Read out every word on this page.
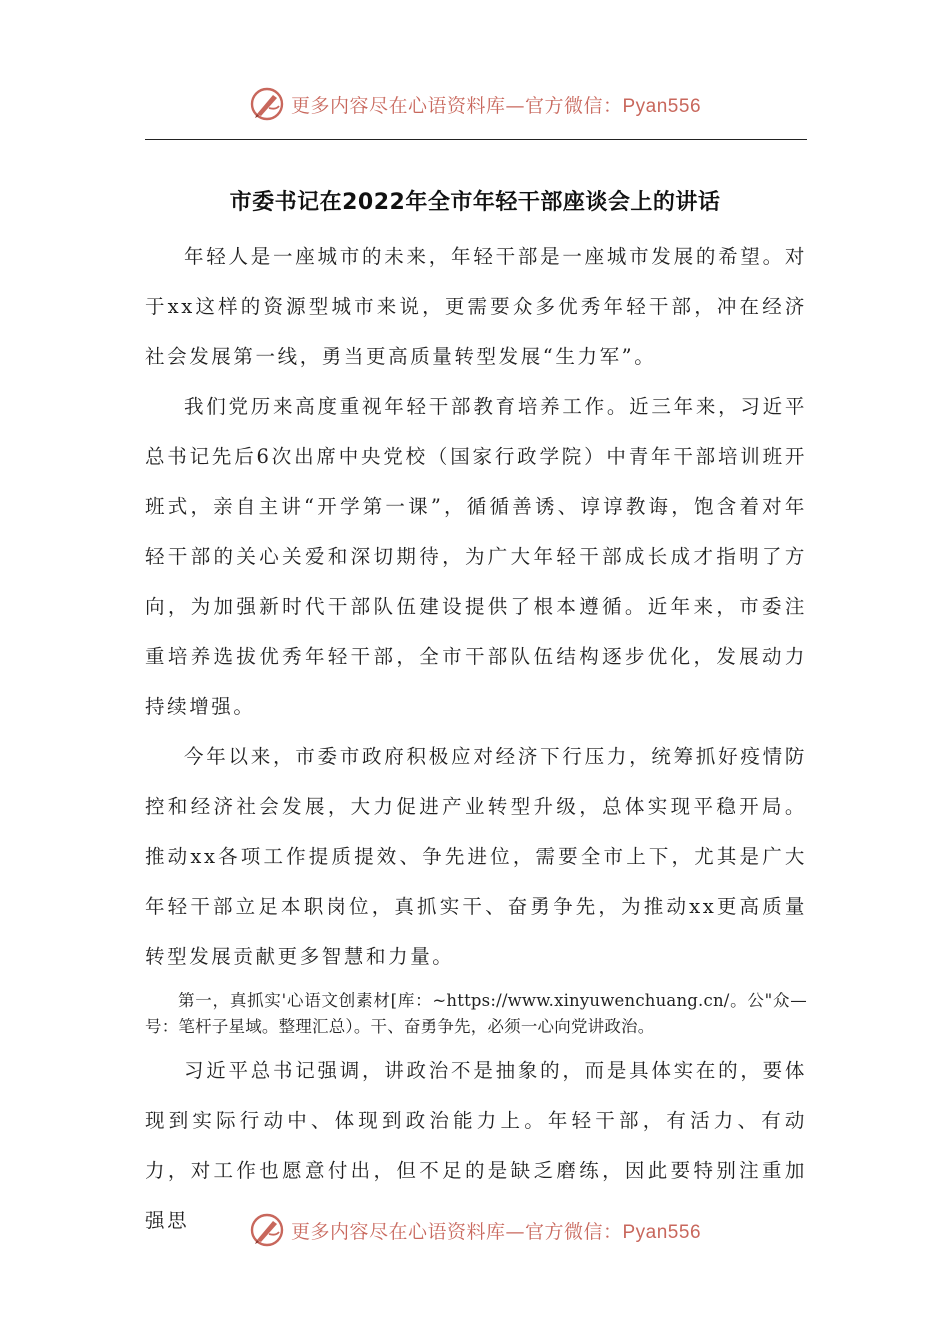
更多内容尽在心语资料库—官方微信：Pyan556
市委书记在2022年全市年轻干部座谈会上的讲话

年轻人是一座城市的未来，年轻干部是一座城市发展的希望。对于xx这样的资源型城市来说，更需要众多优秀年轻干部，冲在经济社会发展第一线，勇当更高质量转型发展“生力军”。

我们党历来高度重视年轻干部教育培养工作。近三年来，习近平总书记先后6次出席中央党校（国家行政学院）中青年干部培训班开班式，亲自主讲“开学第一课”，循循善诱、谆谆教诲，饱含着对年轻干部的关心关爱和深切期待，为广大年轻干部成长成才指明了方向，为加强新时代干部队伍建设提供了根本遵循。近年来，市委注重培养选拔优秀年轻干部，全市干部队伍结构逐步优化，发展动力持续增强。

今年以来，市委市政府积极应对经济下行压力，统筹抓好疫情防控和经济社会发展，大力促进产业转型升级，总体实现平稳开局。推动xx各项工作提质提效、争先进位，需要全市上下，尤其是广大年轻干部立足本职岗位，真抓实干、奋勇争先，为推动xx更高质量转型发展贡献更多智慧和力量。

第一，真抓实'心语文创素材[库：~https://www.xinyuwenchuang.cn/。公"众—号：笔杆子星域。整理汇总）。干、奋勇争先，必须一心向党讲政治。

习近平总书记强调，讲政治不是抽象的，而是具体实在的，要体现到实际行动中、体现到政治能力上。年轻干部，有活力、有动力，对工作也愿意付出，但不足的是缺乏磨练，因此要特别注重加强思	更多内容尽在心语资料库—官方微信：Pyan556
